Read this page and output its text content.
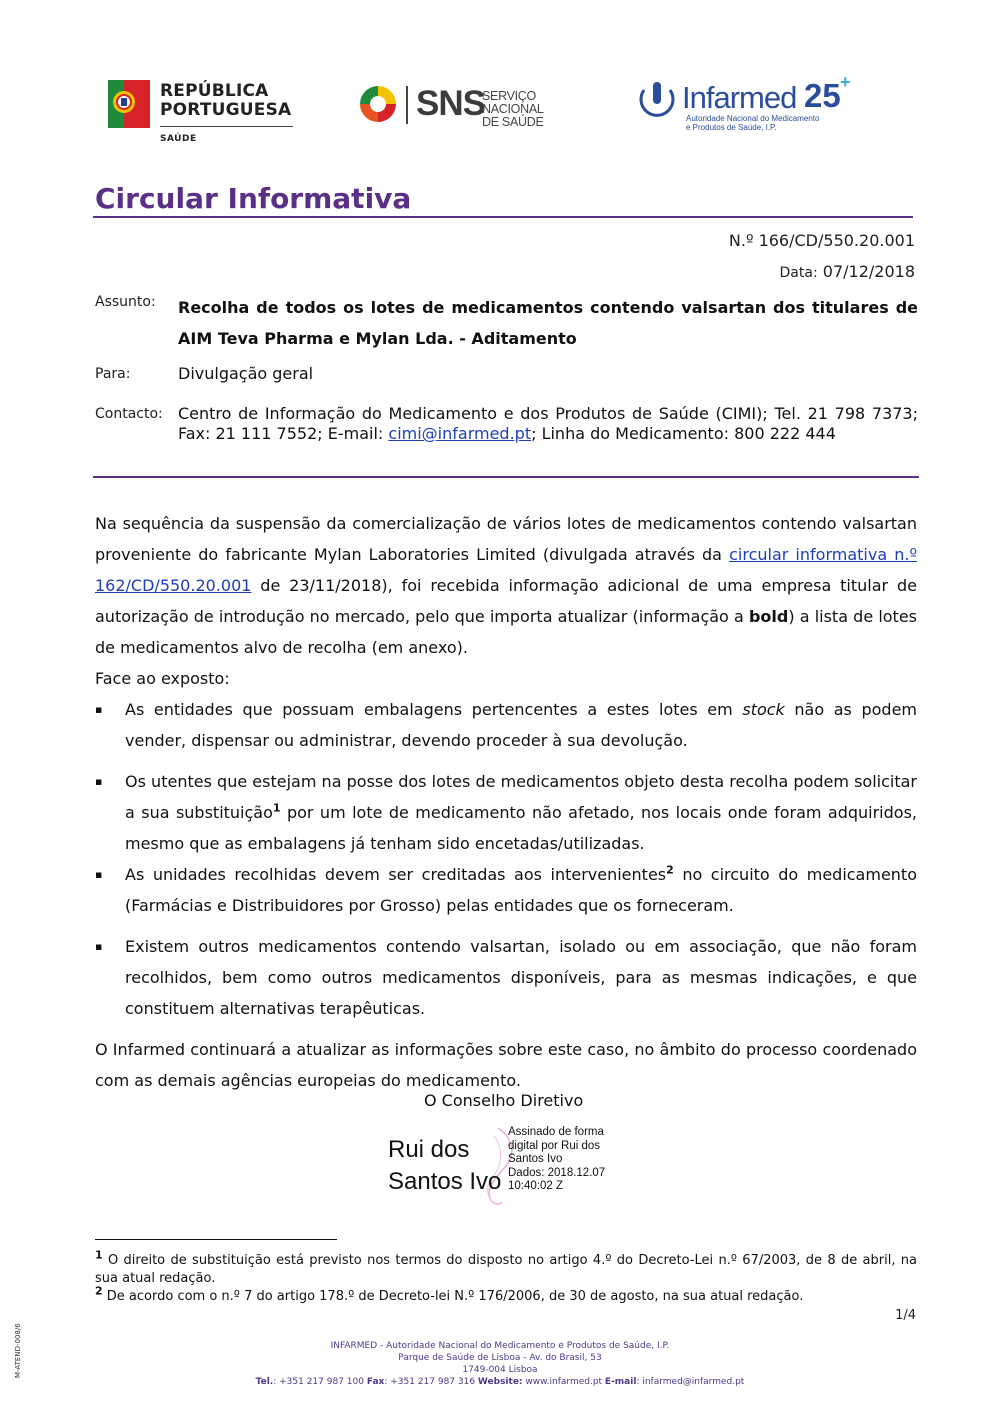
REPÚBLICA
PORTUGUESA
SAÚDE
SNS
SERVIÇO NACIONAL
DE SAÚDE
Infarmed 25 +
Autoridade Nacional do Medicamento
e Produtos de Saúde, I.P.
Circular Informativa
N.º 166/CD/550.20.001
Data: 07/12/2018
Assunto: Recolha de todos os lotes de medicamentos contendo valsartan dos titulares de AIM Teva Pharma e Mylan Lda. - Aditamento
Para:	Divulgação geral
Contacto: Centro de Informação do Medicamento e dos Produtos de Saúde (CIMI); Tel. 21 798 7373; Fax: 21 111 7552; E-mail: cimi@infarmed.pt; Linha do Medicamento: 800 222 444

Na sequência da suspensão da comercialização de vários lotes de medicamentos contendo valsartan proveniente do fabricante Mylan Laboratories Limited (divulgada através da circular informativa n.º 162/CD/550.20.001 de 23/11/2018), foi recebida informação adicional de uma empresa titular de autorização de introdução no mercado, pelo que importa atualizar (informação a bold) a lista de lotes de medicamentos alvo de recolha (em anexo).

Face ao exposto:

▪ As entidades que possuam embalagens pertencentes a estes lotes em stock não as podem vender, dispensar ou administrar, devendo proceder à sua devolução.
▪ Os utentes que estejam na posse dos lotes de medicamentos objeto desta recolha podem solicitar a sua substituição$^1$ por um lote de medicamento não afetado, nos locais onde foram adquiridos, mesmo que as embalagens já tenham sido encetadas/utilizadas.
▪ As unidades recolhidas devem ser creditadas aos intervenientes$^2$ no circuito do medicamento (Farmácias e Distribuidores por Grosso) pelas entidades que os forneceram.
▪ Existem outros medicamentos contendo valsartan, isolado ou em associação, que não foram recolhidos, bem como outros medicamentos disponíveis, para as mesmas indicações, e que constituem alternativas terapêuticas.

O Infarmed continuará a atualizar as informações sobre este caso, no âmbito do processo coordenado com as demais agências europeias do medicamento.

O Conselho Diretivo
Rui dos
Santos Ivo
Assinado de forma
digital por Rui dos
Santos Ivo
Dados: 2018.12.07
10:40:02 Z

$^1$ O direito de substituição está previsto nos termos do disposto no artigo 4.º do Decreto-Lei n.º 67/2003, de 8 de abril, na sua atual redação.

$^2$ De acordo com o n.º 7 do artigo 178.º de Decreto-lei N.º 176/2006, de 30 de agosto, na sua atual redação.

1/4
M-ATEND-008/6	INFARMED - Autoridade Nacional do Medicamento e Produtos de Saúde, I.P.
Parque de Saúde de Lisboa - Av. do Brasil, 53
1749-004 Lisboa
Tel.: +351 217 987 100 Fax: +351 217 987 316 Website: www.infarmed.pt E-mail: infarmed@infarmed.pt
